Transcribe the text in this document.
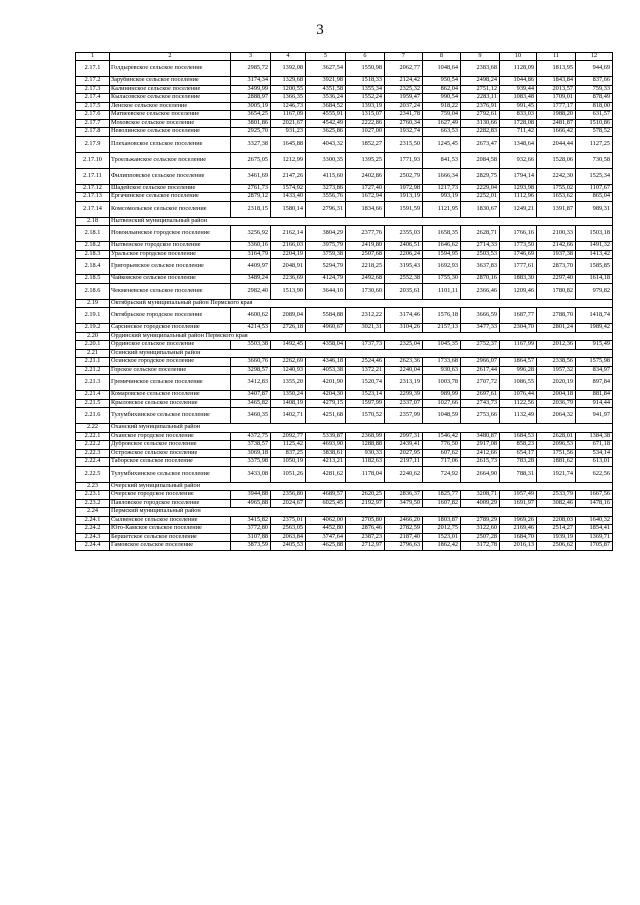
3
1	2	3	4	5	6	7	8	9	10	11	12
2.17.1	Голдыревское сельское поселение	2985,72	1392,08	3627,54	1550,98	2062,77	1048,64	2383,68	1128,09	1813,95	944,69
2.17.2	Зарубинское сельское поселение	3174,34	1329,68	3921,98	1518,33	2124,42	950,54	2498,24	1044,86	1843,84	837,66
2.17.3	Калининское сельское поселение	3499,99	1200,55	4351,58	1355,34	2325,32	862,04	2751,12	939,44	2013,57	759,33
2.17.4	Кыласовское сельское поселение	2888,97	1366,35	3536,24	1552,24	1959,47	990,54	2283,11	1083,48	1709,01	878,49
2.17.5	Ленское сельское поселение	3005,19	1246,73	3684,52	1393,19	2037,24	918,22	2376,91	991,45	1777,17	818,00
2.17.6	Матвеевское сельское поселение	3654,25	1167,09	4555,91	1315,07	2341,78	759,04	2792,61	833,03	1988,20	631,57
2.17.7	Моховское сельское поселение	3801,86	2021,67	4542,49	2222,86	2760,34	1627,49	3130,66	1728,08	2481,87	1510,86
2.17.8	Неволинское сельское поселение	2925,70	931,23	3625,86	1027,00	1932,74	663,53	2282,83	711,42	1666,42	578,52
2.17.9	Плехановское сельское поселение	3327,38	1645,88	4043,32	1852,27	2315,50	1245,45	2673,47	1348,64	2044,44	1127,25
2.17.10	Троельжанское сельское поселение	2675,05	1212,99	3300,35	1395,25	1771,93	841,53	2084,58	932,66	1528,06	730,58
2.17.11	Филипповское сельское поселение	3461,69	2147,26	4115,60	2402,86	2502,79	1666,34	2829,75	1794,14	2242,30	1525,34
2.17.12	Шадейское сельское поселение	2761,73	1574,92	3273,86	1727,40	1972,98	1217,73	2229,04	1293,98	1755,02	1107,67
2.17.13	Ергачинское сельское поселение	2879,12	1433,40	3556,76	1672,94	1913,19	993,19	2252,01	1112,96	1653,62	865,04
2.17.14	Комсомольское сельское поселение	2318,15	1580,14	2796,31	1834,66	1591,59	1121,95	1830,67	1249,21	1391,87	989,31
2.18	Нытвенский муниципальный район										
2.18.1	Новоильинское городское поселение	3256,92	2162,14	3804,29	2377,76	2355,03	1658,35	2628,71	1766,16	2100,33	1503,18
2.18.2	Нытвенское городское поселение	3360,16	2166,03	3975,79	2419,80	2406,51	1646,62	2714,33	1773,50	2142,66	1491,32
2.18.3	Уральское городское поселение	3164,79	2204,19	3759,38	2507,68	2206,24	1594,95	2503,53	1746,69	1937,38	1413,42
2.18.4	Григорьевское сельское поселение	4409,97	2048,91	5294,79	2218,25	3195,43	1692,93	3637,83	1777,61	2873,70	1585,85
2.18.5	Чайковское сельское поселение	3489,24	2236,69	4124,79	2492,68	2552,38	1755,30	2870,16	1883,30	2297,40	1614,18
2.18.6	Чекменевское сельское поселение	2982,40	1513,90	3644,10	1730,60	2035,61	1101,11	2366,46	1209,46	1780,82	979,82
2.19	Октябрьский муниципальный район Пермского края										
2.19.1	Октябрьское городское поселение	4600,62	2089,04	5584,88	2312,22	3174,46	1576,18	3666,59	1687,77	2788,70	1418,74
2.19.2	Сарсинское городское поселение	4214,53	2726,18	4960,67	3021,31	3104,26	2157,13	3477,33	2304,70	2801,24	1989,42
2.20	Ординский муниципальный район Пермского края										
2.20.1	Ординское сельское поселение	3503,38	1492,45	4358,04	1737,73	2325,04	1045,35	2752,37	1167,99	2012,36	915,49
2.21	Осинский муниципальный район										
2.21.1	Осинское городское поселение	3660,76	2262,69	4346,18	2524,46	2623,36	1733,68	2966,07	1864,57	2338,56	1575,98
2.21.2	Горское сельское поселение	3298,57	1240,93	4053,38	1372,21	2240,04	930,63	2617,44	996,28	1957,32	834,97
2.21.3	Гремячинское сельское поселение	3412,83	1355,20	4201,90	1520,74	2313,19	1003,78	2707,72	1086,55	2020,19	897,84
2.21.4	Комаровское сельское поселение	3407,87	1350,24	4204,30	1523,14	2299,39	989,99	2697,61	1076,44	2004,18	881,84
2.21.5	Крыловское сельское поселение	3465,82	1408,19	4279,15	1597,99	2337,07	1027,66	2743,73	1122,56	2036,79	914,44
2.21.6	Тулумбихинское сельское поселение	3460,35	1402,71	4251,68	1570,52	2357,99	1048,59	2753,66	1132,49	2064,32	941,97
2.22	Оханский муниципальный район										
2.22.1	Оханское городское поселение	4372,75	2092,77	5339,87	2368,99	2997,31	1546,42	3480,87	1684,53	2628,01	1384,38
2.22.2	Дубровское сельское поселение	3738,57	1125,42	4693,90	1288,88	2439,41	776,50	2917,08	858,23	2096,53	671,18
2.22.3	Острожское сельское поселение	3069,18	837,25	3838,61	930,33	2027,95	607,62	2412,66	654,17	1751,56	534,14
2.22.4	Таборское сельское поселение	3375,98	1050,19	4213,21	1182,63	2197,11	717,06	2615,73	783,28	1881,62	613,01
2.22.5	Тулумбихинское сельское поселение	3433,08	1051,26	4281,62	1178,04	2240,62	724,92	2664,90	788,31	1921,74	622,56
2.23	Очерский муниципальный район										
2.23.1	Очерское городское поселение	3944,88	2356,80	4689,57	2620,25	2836,37	1825,77	3208,71	1957,49	2533,79	1667,56
2.23.2	Павловское городское поселение	4965,88	2024,67	6025,45	2192,97	3479,50	1607,82	4009,29	1691,97	3082,46	1478,16
2.24	Пермский муниципальный район										
2.24.1	Сылвенское сельское поселение	3415,82	2375,01	4062,00	2705,80	2466,20	1803,87	2789,29	1969,26	2208,03	1640,32
2.24.2	Юго-Камское сельское поселение	3772,80	2563,05	4452,80	2876,46	2782,59	2012,75	3122,60	2169,46	2514,27	1854,41
2.24.3	Бершетское сельское поселение	3107,88	2063,84	3747,64	2387,23	2187,40	1523,01	2507,28	1684,70	1939,19	1369,71
2.24.4	Гамовское сельское поселение	3873,59	2405,53	4625,88	2712,97	2796,63	1862,42	3172,78	2016,13	2506,62	1705,87
